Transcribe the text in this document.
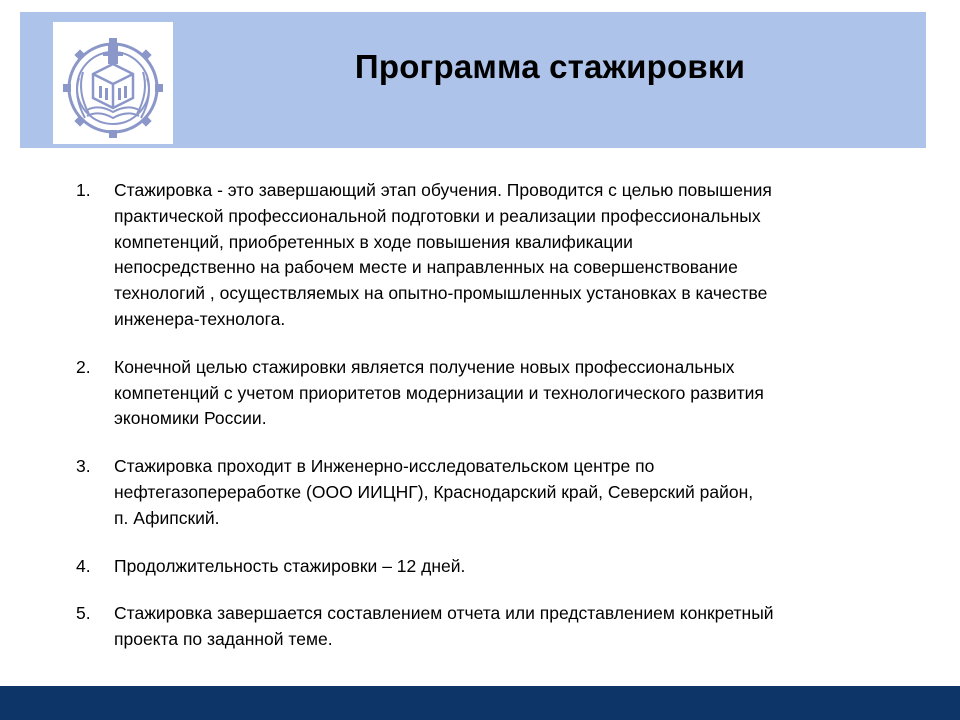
Программа стажировки
1.	Стажировка - это завершающий этап обучения. Проводится с целью повышения
практической профессиональной подготовки и реализации профессиональных
компетенций, приобретенных в ходе повышения квалификации
непосредственно на рабочем месте и направленных на совершенствование
технологий , осуществляемых на опытно-промышленных установках в качестве
инженера-технолога.
2.	Конечной целью стажировки является получение новых профессиональных
компетенций с учетом приоритетов модернизации и технологического развития
экономики России.
3.	Стажировка проходит в Инженерно-исследовательском центре по
нефтегазопереработке (ООО ИИЦНГ), Краснодарский край, Северский район,
п. Афипский.
4.	Продолжительность стажировки – 12 дней.
5.	Стажировка завершается составлением отчета или представлением конкретный
проекта по заданной теме.
